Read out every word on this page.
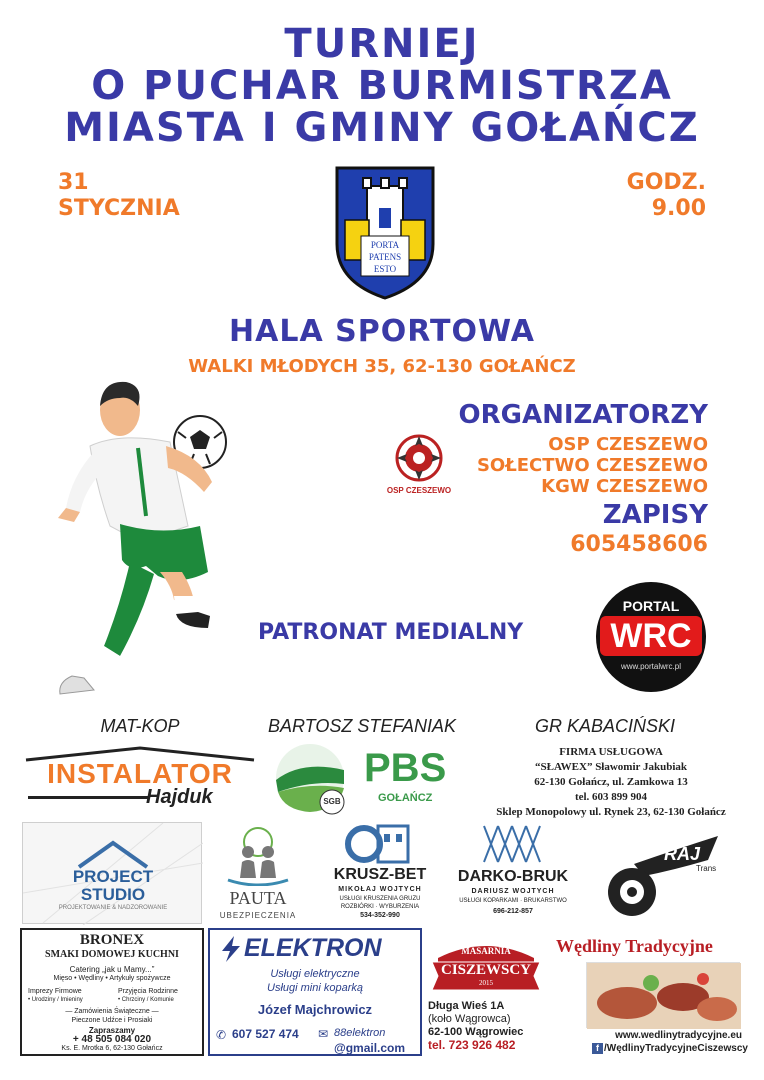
TURNIEJ
O PUCHAR BURMISTRZA
MIASTA I GMINY GOŁAŃCZ
31
STYCZNIA
GODZ.
9.00
PORTA
PATENS
ESTO
HALA SPORTOWA
WALKI MŁODYCH 35, 62-130 GOŁAŃCZ
ORGANIZATORZY
OSP CZESZEWO
OSP CZESZEWO
SOŁECTWO CZESZEWO
KGW CZESZEWO
ZAPISY
605458606
PATRONAT MEDIALNY
PORTAL
WRC
www.portalwrc.pl
MAT-KOP	BARTOSZ STEFANIAK	GR KABACIŃSKI
INSTALATOR
Hajduk	SGB
PBS
GOŁAŃCZ
FIRMA USŁUGOWA
“SŁAWEX” Sławomir Jakubiak
62-130 Gołańcz, ul. Zamkowa 13
tel. 603 899 904
Sklep Monopolowy ul. Rynek 23, 62-130 Gołańcz
PROJECT
STUDIO
PROJEKTOWANIE & NADZOROWANIE	PAUTA
UBEZPIECZENIA
KRUSZ-BET
MIKOŁAJ WOJTYCH
USŁUGI KRUSZENIA GRUZU
ROZBIÓRKI · WYBURZENIA
534-352-990
DARKO-BRUK
DARIUSZ WOJTYCH
USŁUGI KOPARKAMI · BRUKARSTWO
696-212-857
RAJ
Trans
BRONEX
SMAKI DOMOWEJ KUCHNI
Catering „jak u Mamy...”
Mięso • Wędliny • Artykuły spożywcze
Imprezy Firmowe
• Urodziny / Imieniny
Przyjęcia Rodzinne
• Chrzciny / Komunie
— Zamówienia Świąteczne —
Pieczone Udźce i Prosiaki
Zapraszamy
+ 48 505 084 020
Ks. E. Mrotka 6, 62-130 Gołańcz
ELEKTRON
Usługi elektryczne
Usługi mini koparką
Józef Majchrowicz
✆ 607 527 474 ✉ 88elektron
@gmail.com
MASARNIA
CISZEWSCY
2015
Długa Wieś 1A
(koło Wągrowca)
62-100 Wągrowiec
tel. 723 926 482
Wędliny Tradycyjne
www.wedlinytradycyjne.eu
f /WędlinyTradycyjneCiszewscy
